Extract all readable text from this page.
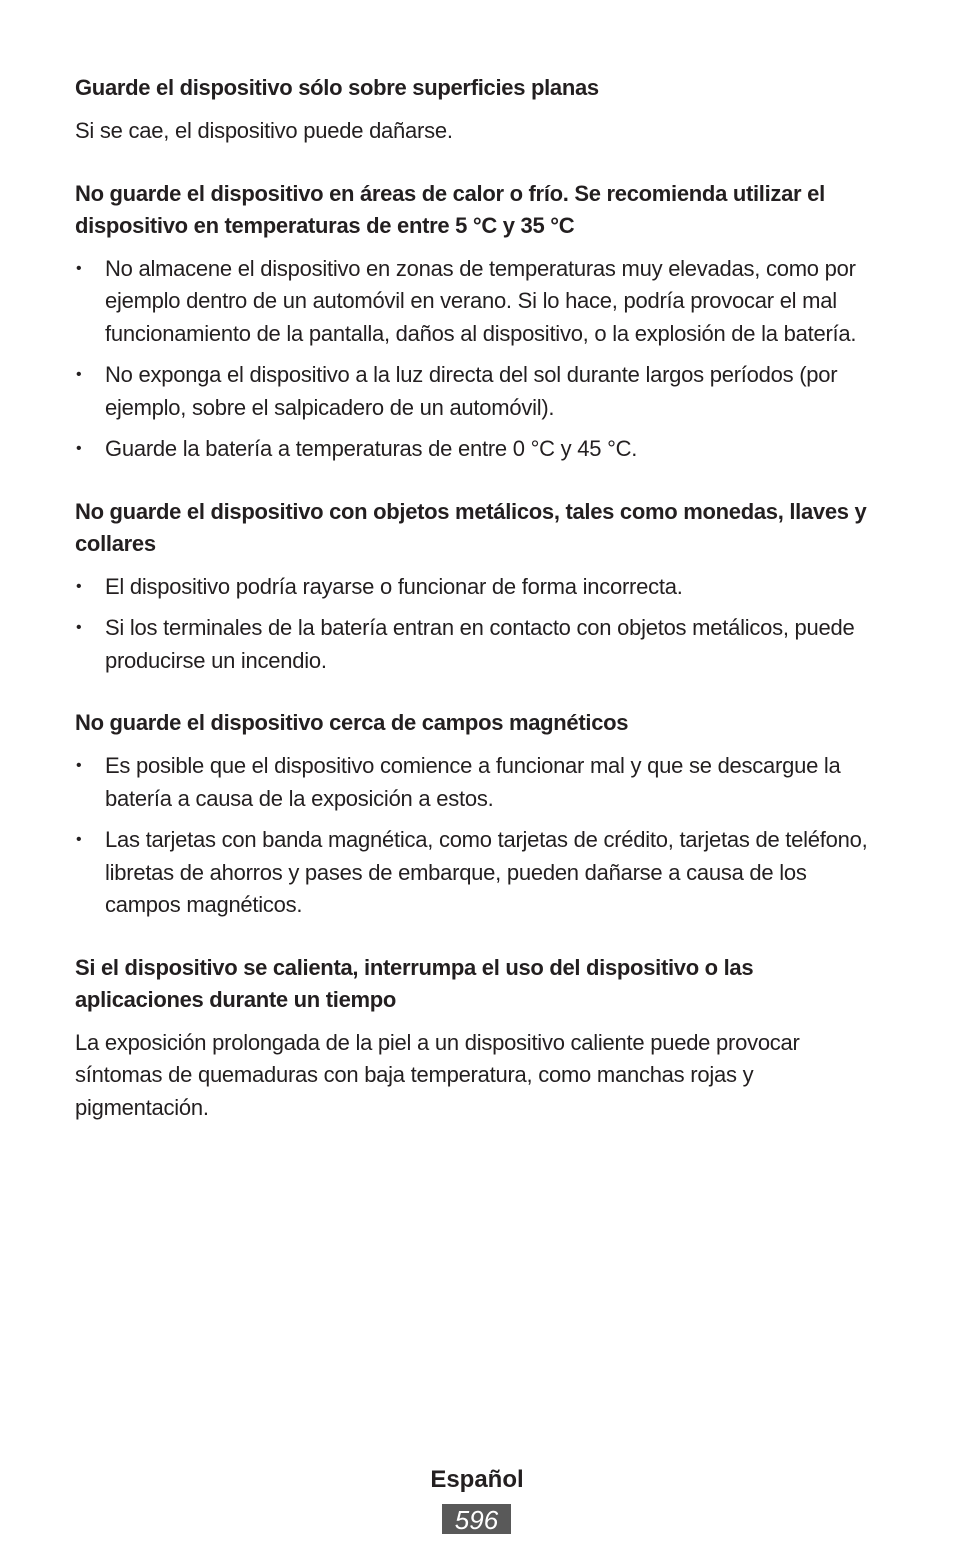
Guarde el dispositivo sólo sobre superficies planas

Si se cae, el dispositivo puede dañarse.

No guarde el dispositivo en áreas de calor o frío. Se recomienda utilizar el dispositivo en temperaturas de entre 5 °C y 35 °C
• No almacene el dispositivo en zonas de temperaturas muy elevadas, como por ejemplo dentro de un automóvil en verano. Si lo hace, podría provocar el mal funcionamiento de la pantalla, daños al dispositivo, o la explosión de la batería.
• No exponga el dispositivo a la luz directa del sol durante largos períodos (por ejemplo, sobre el salpicadero de un automóvil).
• Guarde la batería a temperaturas de entre 0 °C y 45 °C.
No guarde el dispositivo con objetos metálicos, tales como monedas, llaves y collares
• El dispositivo podría rayarse o funcionar de forma incorrecta.
• Si los terminales de la batería entran en contacto con objetos metálicos, puede producirse un incendio.
No guarde el dispositivo cerca de campos magnéticos
• Es posible que el dispositivo comience a funcionar mal y que se descargue la batería a causa de la exposición a estos.
• Las tarjetas con banda magnética, como tarjetas de crédito, tarjetas de teléfono, libretas de ahorros y pases de embarque, pueden dañarse a causa de los campos magnéticos.
Si el dispositivo se calienta, interrumpa el uso del dispositivo o las aplicaciones durante un tiempo

La exposición prolongada de la piel a un dispositivo caliente puede provocar síntomas de quemaduras con baja temperatura, como manchas rojas y pigmentación.

Español
596
